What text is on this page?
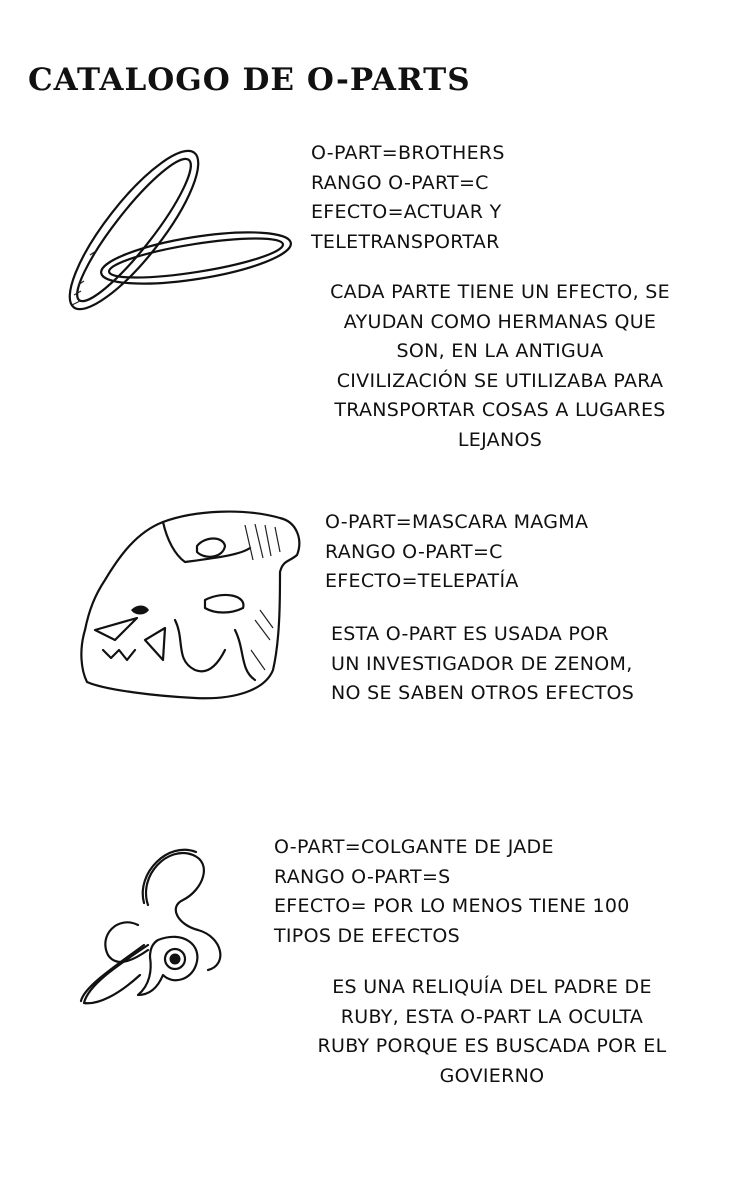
CATALOGO DE O-PARTS
O-PART=BROTHERS
RANGO O-PART=C
EFECTO=ACTUAR Y
TELETRANSPORTAR
CADA PARTE TIENE UN EFECTO, SE
AYUDAN COMO HERMANAS QUE
SON, EN LA ANTIGUA
CIVILIZACIÓN SE UTILIZABA PARA
TRANSPORTAR COSAS A LUGARES
LEJANOS
O-PART=MASCARA MAGMA
RANGO O-PART=C
EFECTO=TELEPATÍA
ESTA O-PART ES USADA POR
UN INVESTIGADOR DE ZENOM,
NO SE SABEN OTROS EFECTOS
O-PART=COLGANTE DE JADE
RANGO O-PART=S
EFECTO= POR LO MENOS TIENE 100
TIPOS DE EFECTOS
ES UNA RELIQUÍA DEL PADRE DE
RUBY, ESTA O-PART LA OCULTA
RUBY PORQUE ES BUSCADA POR EL
GOVIERNO
